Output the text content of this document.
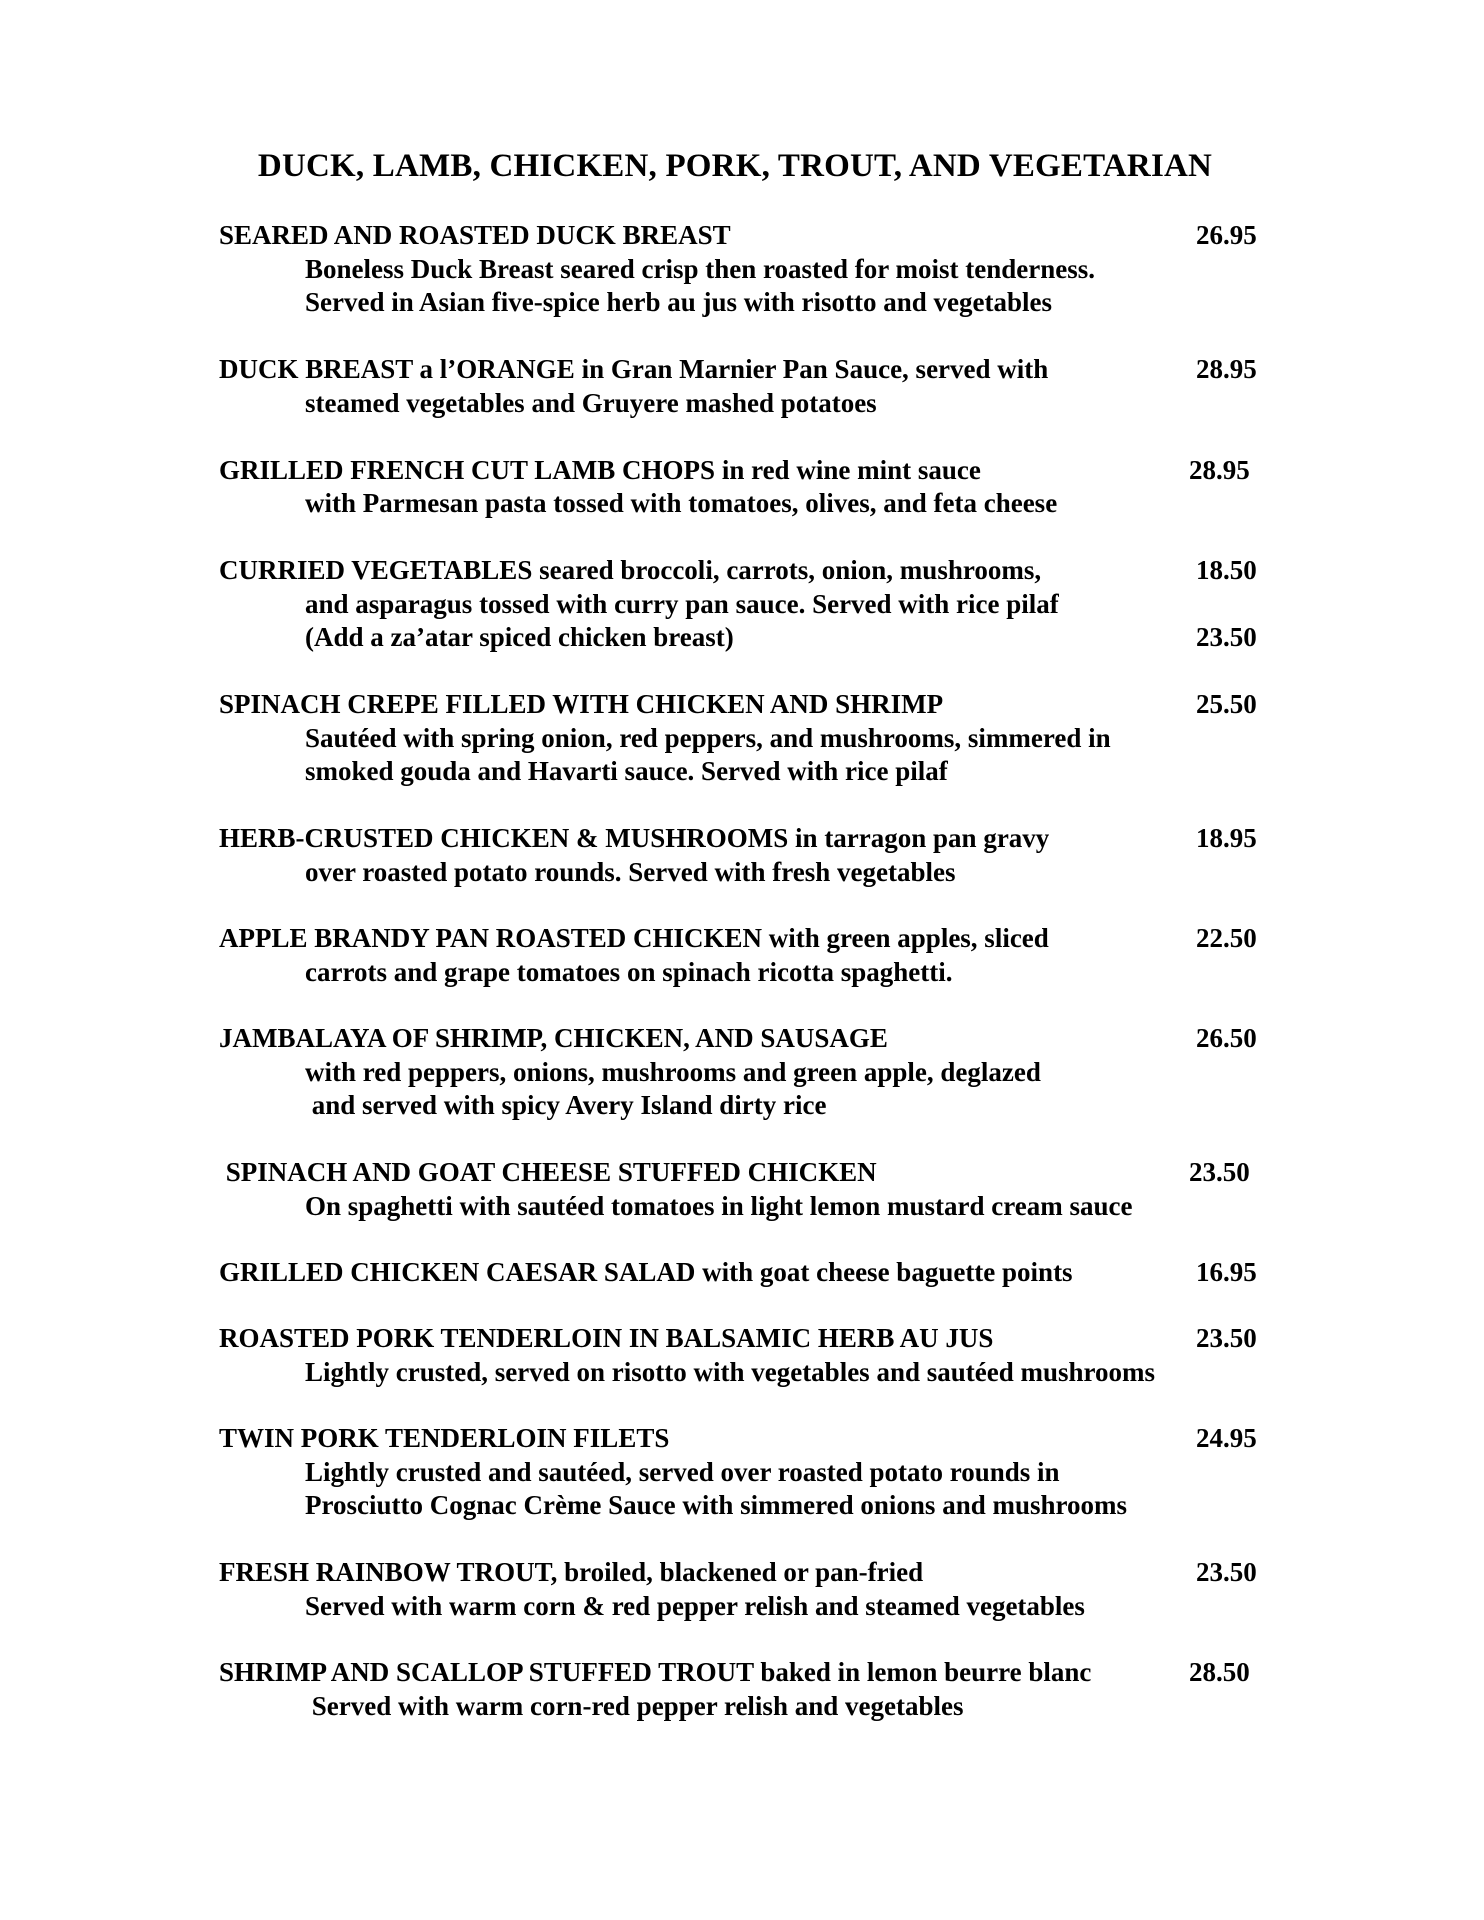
DUCK, LAMB, CHICKEN, PORK, TROUT, AND VEGETARIAN
SEARED AND ROASTED DUCK BREAST	26.95
Boneless Duck Breast seared crisp then roasted for moist tenderness.
Served in Asian five-spice herb au jus with risotto and vegetables
DUCK BREAST a l’ORANGE in Gran Marnier Pan Sauce, served with	28.95
steamed vegetables and Gruyere mashed potatoes
GRILLED FRENCH CUT LAMB CHOPS in red wine mint sauce	28.95
with Parmesan pasta tossed with tomatoes, olives, and feta cheese
CURRIED VEGETABLES seared broccoli, carrots, onion, mushrooms,	18.50
and asparagus tossed with curry pan sauce. Served with rice pilaf
(Add a za’atar spiced chicken breast)	23.50
SPINACH CREPE FILLED WITH CHICKEN AND SHRIMP	25.50
Sautéed with spring onion, red peppers, and mushrooms, simmered in
smoked gouda and Havarti sauce. Served with rice pilaf
HERB-CRUSTED CHICKEN & MUSHROOMS in tarragon pan gravy	18.95
over roasted potato rounds. Served with fresh vegetables
APPLE BRANDY PAN ROASTED CHICKEN with green apples, sliced	22.50
carrots and grape tomatoes on spinach ricotta spaghetti.
JAMBALAYA OF SHRIMP, CHICKEN, AND SAUSAGE	26.50
with red peppers, onions, mushrooms and green apple, deglazed
and served with spicy Avery Island dirty rice
SPINACH AND GOAT CHEESE STUFFED CHICKEN	23.50
On spaghetti with sautéed tomatoes in light lemon mustard cream sauce
GRILLED CHICKEN CAESAR SALAD with goat cheese baguette points	16.95
ROASTED PORK TENDERLOIN IN BALSAMIC HERB AU JUS	23.50
Lightly crusted, served on risotto with vegetables and sautéed mushrooms
TWIN PORK TENDERLOIN FILETS	24.95
Lightly crusted and sautéed, served over roasted potato rounds in
Prosciutto Cognac Crème Sauce with simmered onions and mushrooms
FRESH RAINBOW TROUT, broiled, blackened or pan-fried	23.50
Served with warm corn & red pepper relish and steamed vegetables
SHRIMP AND SCALLOP STUFFED TROUT baked in lemon beurre blanc	28.50
Served with warm corn-red pepper relish and vegetables
